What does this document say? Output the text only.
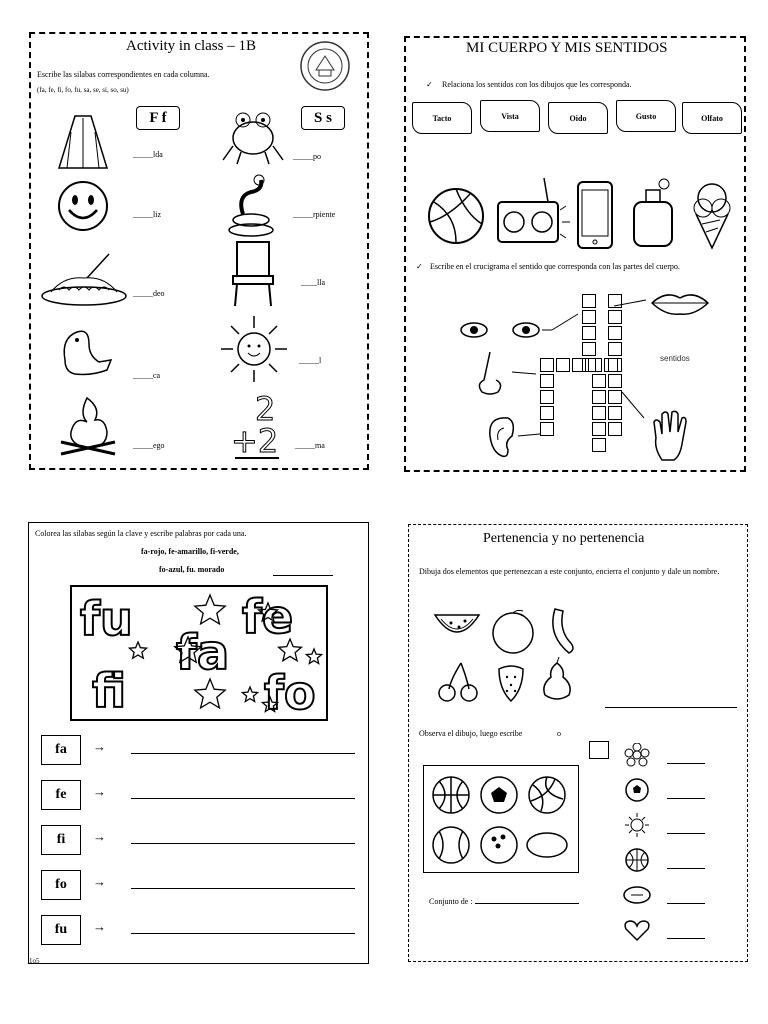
Activity in class – 1B
Escribe las silabas correspondientes en cada columna.
(fa, fe, fi, fo, fu, sa, se, si, so, su)
F f	S s
2
+2
_____lda
_____liz
_____deo
_____ca
_____ego
_____po
_____rpiente
____lla
_____l
_____ma
MI CUERPO Y MIS SENTIDOS
✓ Relaciona los sentidos con los dibujos que les corresponda.
Tacto	Vista	Oido	Gusto	Olfato
✓ Escribe en el crucigrama el sentido que corresponda con las partes del cuerpo.
sentidos
Colorea las silabas según la clave y escribe palabras por cada una.
fa-rojo, fe-amarillo, fi-verde,
fo-azul, fu. morado
fu fe
fa
fi	fo
fa	→
fe	→
fi	→
fo	→
fu	→
1o5
Pertenencia y no pertenencia
Dibuja dos elementos que pertenezcan a este conjunto, encierra el conjunto y dale un nombre.
Observa el dibujo, luego escribe	o
Conjunto de :
